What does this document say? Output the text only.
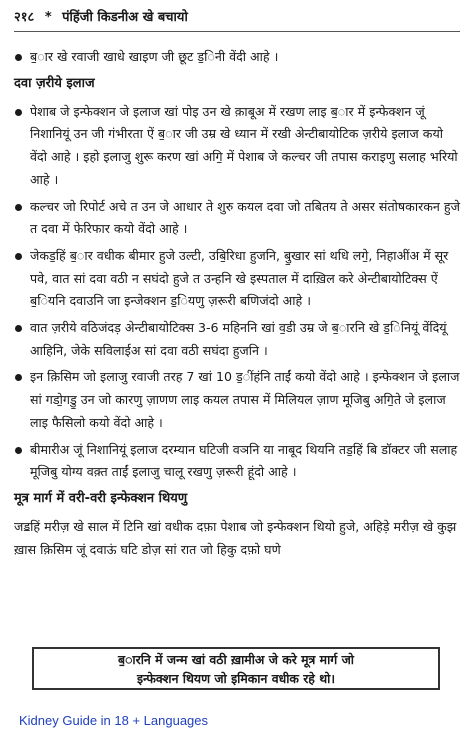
२१८ * पंहिंजी किडनीअ खे बचायो
ब॒ार खे रवाजी खाधे खाइण जी छूट ड॒िनी वेंदी आहे ।
दवा ज़रीये इलाज
पेशाब जे इन्फेक्शन जे इलाज खां पोइ उन खे क़ाबूअ में रखण लाइ ब॒ार में इन्फेक्शन जूं निशानियूं उन जी गंभीरता ऐं ब॒ार जी उम्र खे ध्यान में रखी अेन्टीबायोटिक ज़रीये इलाज कयो वेंदो आहे । इहो इलाजु शुरू करण खां अगि॒ में पेशाब जे कल्चर जी तपास कराइणु सलाह भरियो आहे ।
कल्चर जो रिपोर्ट अचे त उन जे आधार ते शुरु कयल दवा जो तबितय ते असर संतोषकारकन हुजे त दवा में फेरिफार कयो वेंदो आहे ।
जेकड॒हिं ब॒ार वधीक बीमार हुजे उल्टी, उबि॒रिधा हुजनि, बु॒खार सां थधि लगे॒, निहाअींअ में सूर पवे, वात सां दवा वठी न सघंदो हुजे त उन्हनि खे इस्पताल में दाख़िल करे अेन्टीबायोटिक्स ऐं ब॒ियनि दवाउनि जा इन्जेक्शन ड॒ियणु ज़रूरी बणिजंदो आहे ।
वात ज़रीये वठिजंदड़ अेन्टीबायोटिक्स 3-6 महिननि खां व॒डी उम्र जे ब॒ारनि खे ड॒िनियूं वेंदियूं आहिनि, जेके सविलाईअ सां दवा वठी सघंदा हुजनि ।
इन क़िसिम जो इलाजु रवाजी तरह 7 खां 10 ड॒ींहंनि ताईं कयो वेंदो आहे । इन्फेक्शन जे इलाज सां गडो॒गडु॒ उन जो कारणु ज़ाणण लाइ कयल तपास में मिलियल ज़ाण मूजिबु अगि॒ते जे इलाज लाइ फैसिलो कयो वेंदो आहे ।
बीमारीअ जूं निशानियूं इलाज दरम्यान घटिजी वञनि या नाबूद थियनि तड॒हिं बि डॉक्टर जी सलाह मूजिबु योग्य वक़्त ताईं इलाजु चालू रखणु ज़रूरी हूंदो आहे ।
मूत्र मार्ग में वरी-वरी इन्फेक्शन थियणु

जॾहिं मरीज़ खे साल में टिनि खां वधीक दफ़ा पेशाब जो इन्फेक्शन थियो हुजे, अहिड़े मरीज़ खे कुझ ख़ास क़िसिम जूं दवाऊं घटि डोज़ सां रात जो हिकु दफ़ो घणे

ब॒ारनि में जन्म खां वठी ख़ामीअ जे करे मूत्र मार्ग जो
इन्फेक्शन थियण जो इमिकान वधीक रहे थो।
Kidney Guide in 18 + Languages
